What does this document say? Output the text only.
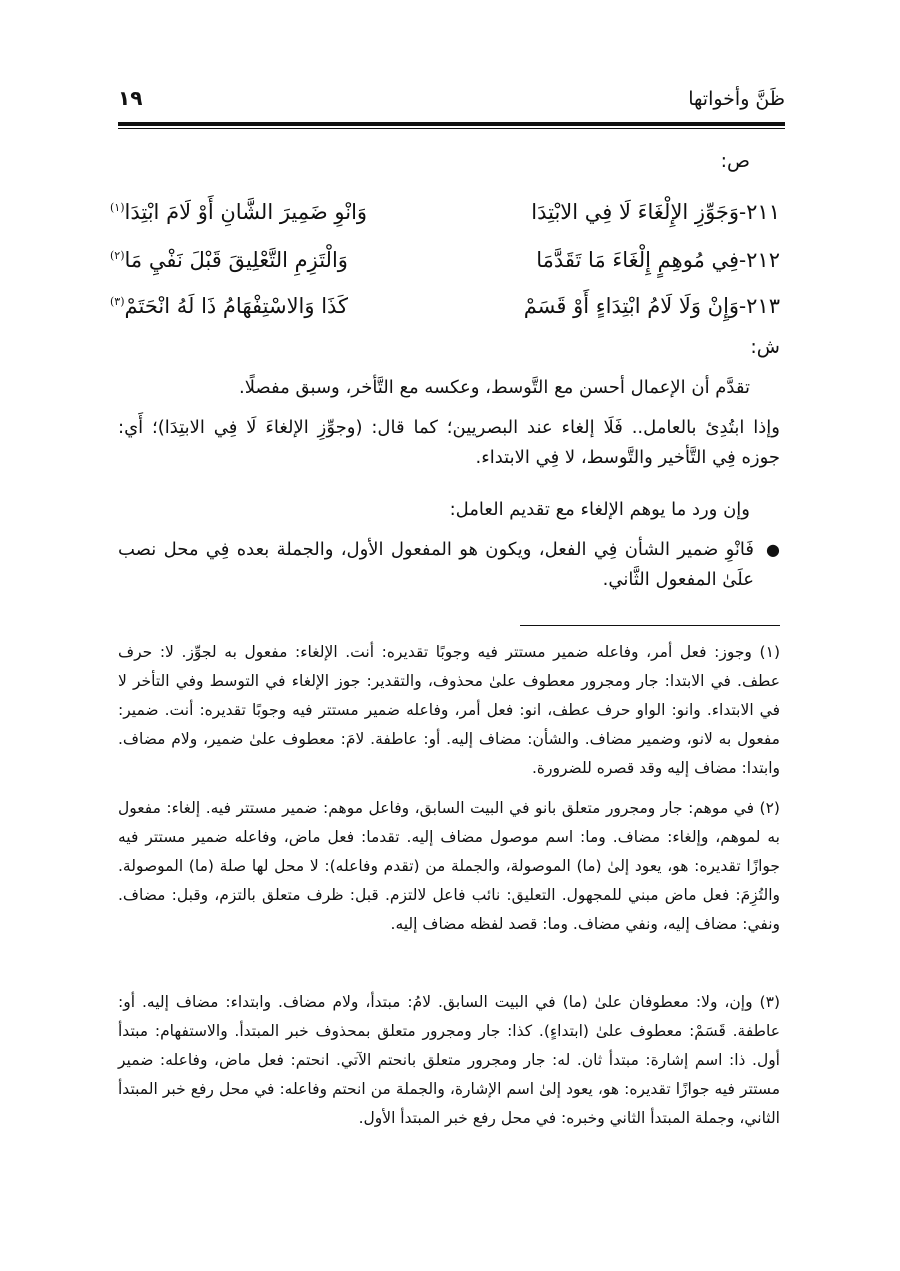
ظَنَّ وأخواتها
١٩
ص:
٢١١-وَجَوِّزِ الإِلْغَاءَ لَا فِي الابْتِدَا
وَانْوِ ضَمِيرَ الشَّانِ أَوْ لَامَ ابْتِدَا$^{(١)}$
٢١٢-فِي مُوهِمٍ إِلْغَاءَ مَا تَقَدَّمَا
وَالْتَزِمِ التَّعْلِيقَ قَبْلَ نَفْيِ مَا$^{(٢)}$
٢١٣-وَإِنْ وَلَا لَامُ ابْتِدَاءٍ أَوْ قَسَمْ
كَذَا وَالاسْتِفْهَامُ ذَا لَهُ انْحَتَمْ$^{(٣)}$
ش:
تقدَّم أن الإعمال أحسن مع التَّوسط، وعكسه مع التَّأخر، وسبق مفصلًا.
وإذا ابتُدِئ بالعامل.. فَلَا إلغاء عند البصريين؛ كما قال: (وجوِّزِ الإلغاءَ لَا فِي الابتِدَا)؛ أَي: جوزه فِي التَّأخير والتَّوسط، لا فِي الابتداء.
وإن ورد ما يوهم الإلغاء مع تقديم العامل:
●
فَانْوِ ضمير الشأن فِي الفعل، ويكون هو المفعول الأول، والجملة بعده فِي محل نصب علَىٰ المفعول الثَّاني.
(١) وجوز: فعل أمر، وفاعله ضمير مستتر فيه وجوبًا تقديره: أنت. الإلغاء: مفعول به لجوِّز. لا: حرف عطف. في الابتدا: جار ومجرور معطوف علىٰ محذوف، والتقدير: جوز الإلغاء في التوسط وفي التأخر لا في الابتداء. وانو: الواو حرف عطف، انو: فعل أمر، وفاعله ضمير مستتر فيه وجوبًا تقديره: أنت. ضمير: مفعول به لانو، وضمير مضاف. والشأن: مضاف إليه. أو: عاطفة. لامَ: معطوف علىٰ ضمير، ولام مضاف. وابتدا: مضاف إليه وقد قصره للضرورة.
(٢) في موهم: جار ومجرور متعلق بانو في البيت السابق، وفاعل موهم: ضمير مستتر فيه. إلغاء: مفعول به لموهم، وإلغاء: مضاف. وما: اسم موصول مضاف إليه. تقدما: فعل ماض، وفاعله ضمير مستتر فيه جوازًا تقديره: هو، يعود إلىٰ (ما) الموصولة، والجملة من (تقدم وفاعله): لا محل لها صلة (ما) الموصولة. والتُزِمَ: فعل ماض مبني للمجهول. التعليق: نائب فاعل لالتزم. قبل: ظرف متعلق بالتزم، وقبل: مضاف. ونفي: مضاف إليه، ونفي مضاف. وما: قصد لفظه مضاف إليه.
(٣) وإن، ولا: معطوفان علىٰ (ما) في البيت السابق. لامُ: مبتدأ، ولام مضاف. وابتداء: مضاف إليه. أو: عاطفة. قَسَمْ: معطوف علىٰ (ابتداءٍ). كذا: جار ومجرور متعلق بمحذوف خبر المبتدأ. والاستفهام: مبتدأ أول. ذا: اسم إشارة: مبتدأ ثان. له: جار ومجرور متعلق بانحتم الآتي. انحتم: فعل ماض، وفاعله: ضمير مستتر فيه جوازًا تقديره: هو، يعود إلىٰ اسم الإشارة، والجملة من انحتم وفاعله: في محل رفع خبر المبتدأ الثاني، وجملة المبتدأ الثاني وخبره: في محل رفع خبر المبتدأ الأول.
